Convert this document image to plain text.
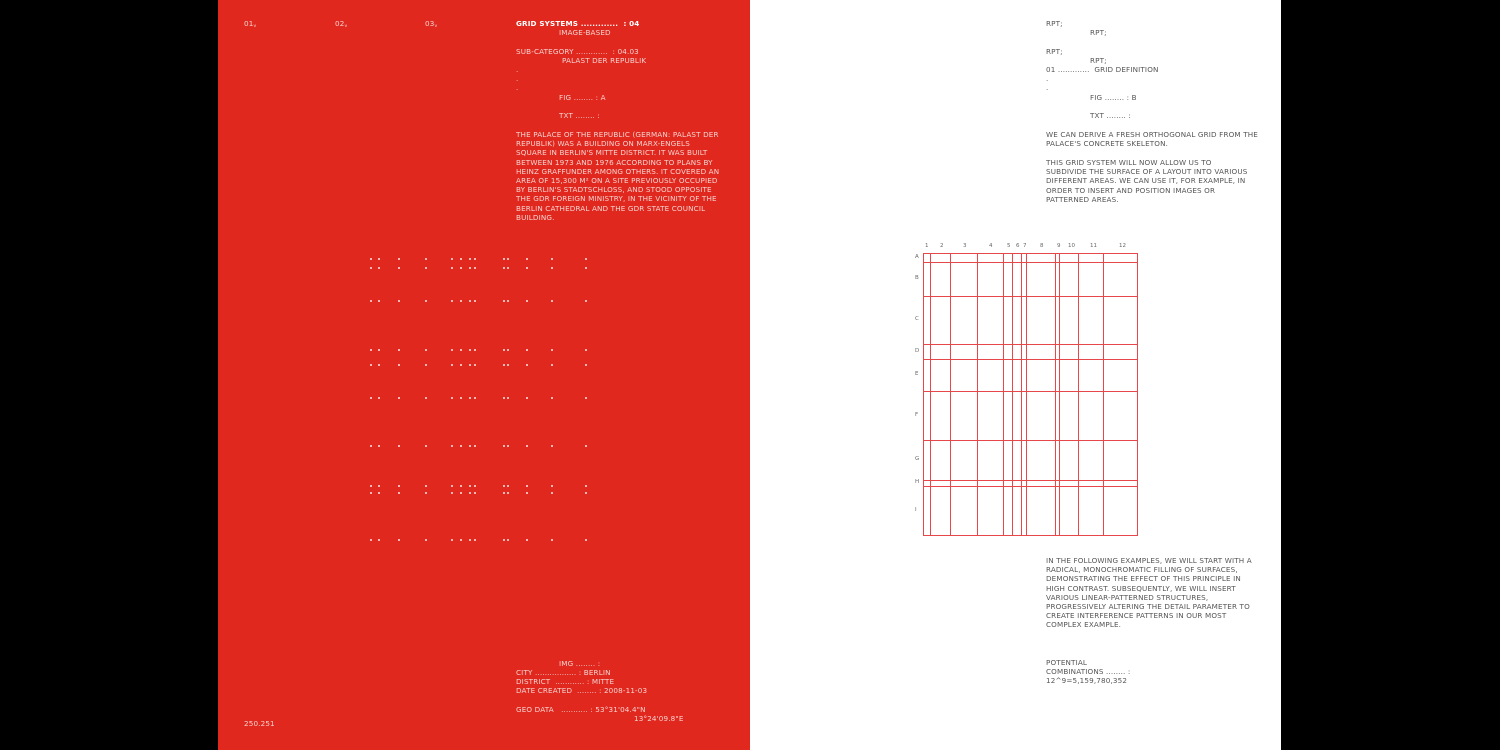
$01_v$	$02_v$	$03_v$	GRID SYSTEMS .............  : 04
IMAGE-BASED
SUB-CATEGORY .............  : 04.03
PALAST DER REPUBLIK
.
.
.
FIG ........ : A
TXT ........ :
THE PALACE OF THE REPUBLIC (GERMAN: PALAST DER REPUBLIK) WAS A BUILDING ON MARX-ENGELS SQUARE IN BERLIN'S MITTE DISTRICT. IT WAS BUILT BETWEEN 1973 AND 1976 ACCORDING TO PLANS BY HEINZ GRAFFUNDER AMONG OTHERS. IT COVERED AN AREA OF 15,300 M² ON A SITE PREVIOUSLY OCCUPIED BY BERLIN'S STADTSCHLOSS, AND STOOD OPPOSITE THE GDR FOREIGN MINISTRY, IN THE VICINITY OF THE BERLIN CATHEDRAL AND THE GDR STATE COUNCIL BUILDING.
IMG ........ :
CITY ................. : BERLIN
DISTRICT  ............ : MITTE
DATE CREATED  ........ : 2008-11-03
GEO DATA   ........... : 53°31'04.4"N
13°24'09.8"E
250.251
RPT;
RPT;
RPT;
RPT;
01 .............  GRID DEFINITION
.
.
FIG ........ : B
TXT ........ :
WE CAN DERIVE A FRESH ORTHOGONAL GRID FROM THE PALACE'S CONCRETE SKELETON.
THIS GRID SYSTEM WILL NOW ALLOW US TO SUBDIVIDE THE SURFACE OF A LAYOUT INTO VARIOUS DIFFERENT AREAS. WE CAN USE IT, FOR EXAMPLE, IN ORDER TO INSERT AND POSITION IMAGES OR PATTERNED AREAS.
IN THE FOLLOWING EXAMPLES, WE WILL START WITH A RADICAL, MONOCHROMATIC FILLING OF SURFACES, DEMONSTRATING THE EFFECT OF THIS PRINCIPLE IN HIGH CONTRAST. SUBSEQUENTLY, WE WILL INSERT VARIOUS LINEAR-PATTERNED STRUCTURES, PROGRESSIVELY ALTERING THE DETAIL PARAMETER TO CREATE INTERFERENCE PATTERNS IN OUR MOST COMPLEX EXAMPLE.
POTENTIAL
COMBINATIONS ........ :
12^9=5,159,780,352
1 2	3	4	5 6 7 8 9 10	11	12
A
B
C
D
E
F
G
H
I
